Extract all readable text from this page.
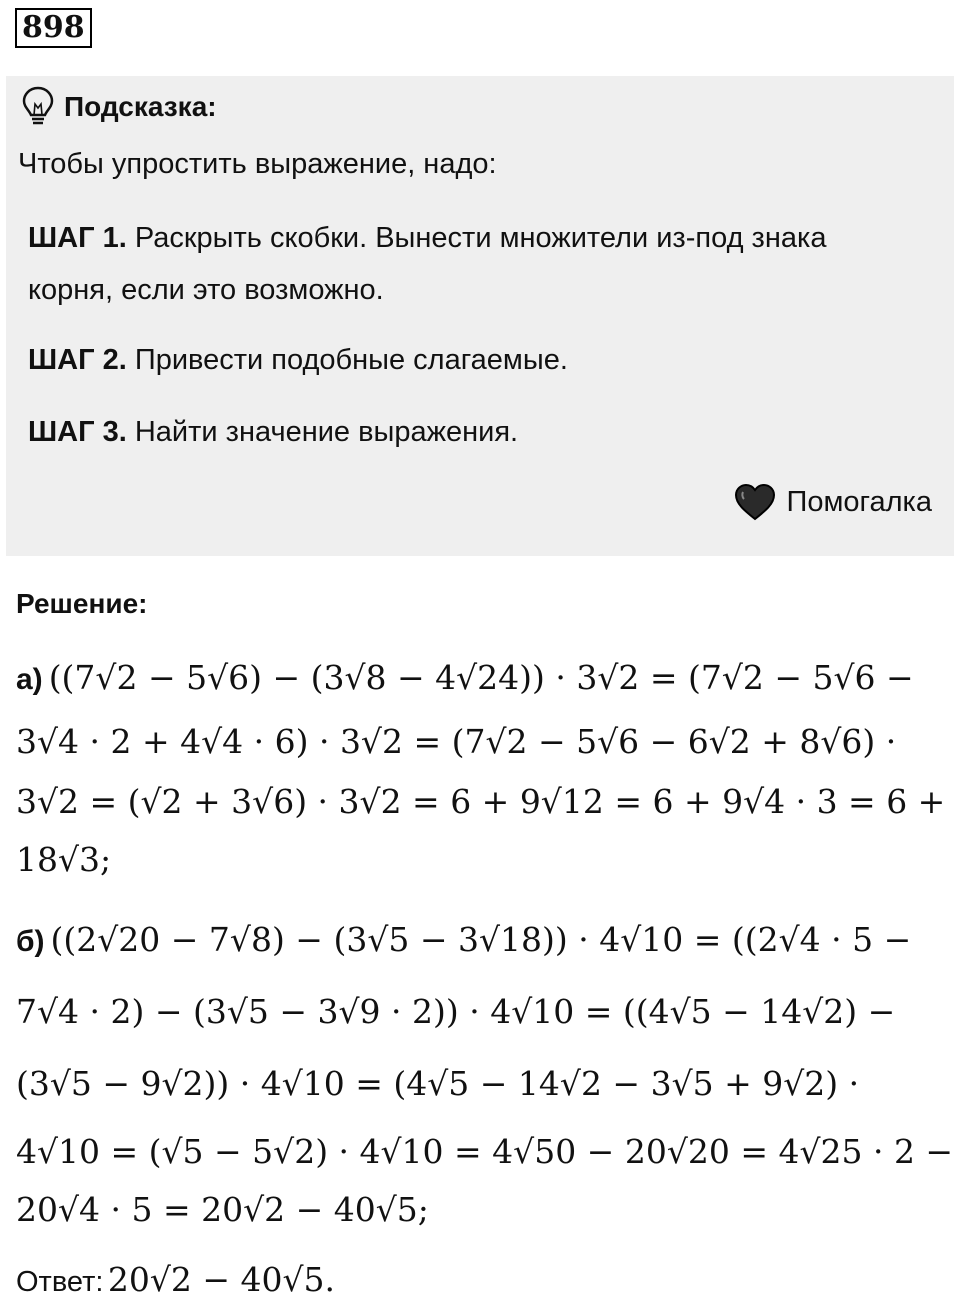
898
Подсказка:
Чтобы упростить выражение, надо:
ШАГ 1. Раскрыть скобки. Вынести множители из-под знака корня, если это возможно.
ШАГ 2. Привести подобные слагаемые.
ШАГ 3. Найти значение выражения.
Помогалка
Решение:
а) ((7√2 − 5√6) − (3√8 − 4√24)) · 3√2 = (7√2 − 5√6 −
3√4 · 2 + 4√4 · 6) · 3√2 = (7√2 − 5√6 − 6√2 + 8√6) ·
3√2 = (√2 + 3√6) · 3√2 = 6 + 9√12 = 6 + 9√4 · 3 = 6 +
18√3;
б) ((2√20 − 7√8) − (3√5 − 3√18)) · 4√10 = ((2√4 · 5 −
7√4 · 2) − (3√5 − 3√9 · 2)) · 4√10 = ((4√5 − 14√2) −
(3√5 − 9√2)) · 4√10 = (4√5 − 14√2 − 3√5 + 9√2) ·
4√10 = (√5 − 5√2) · 4√10 = 4√50 − 20√20 = 4√25 · 2 −
20√4 · 5 = 20√2 − 40√5;
Ответ: 20√2 − 40√5.
